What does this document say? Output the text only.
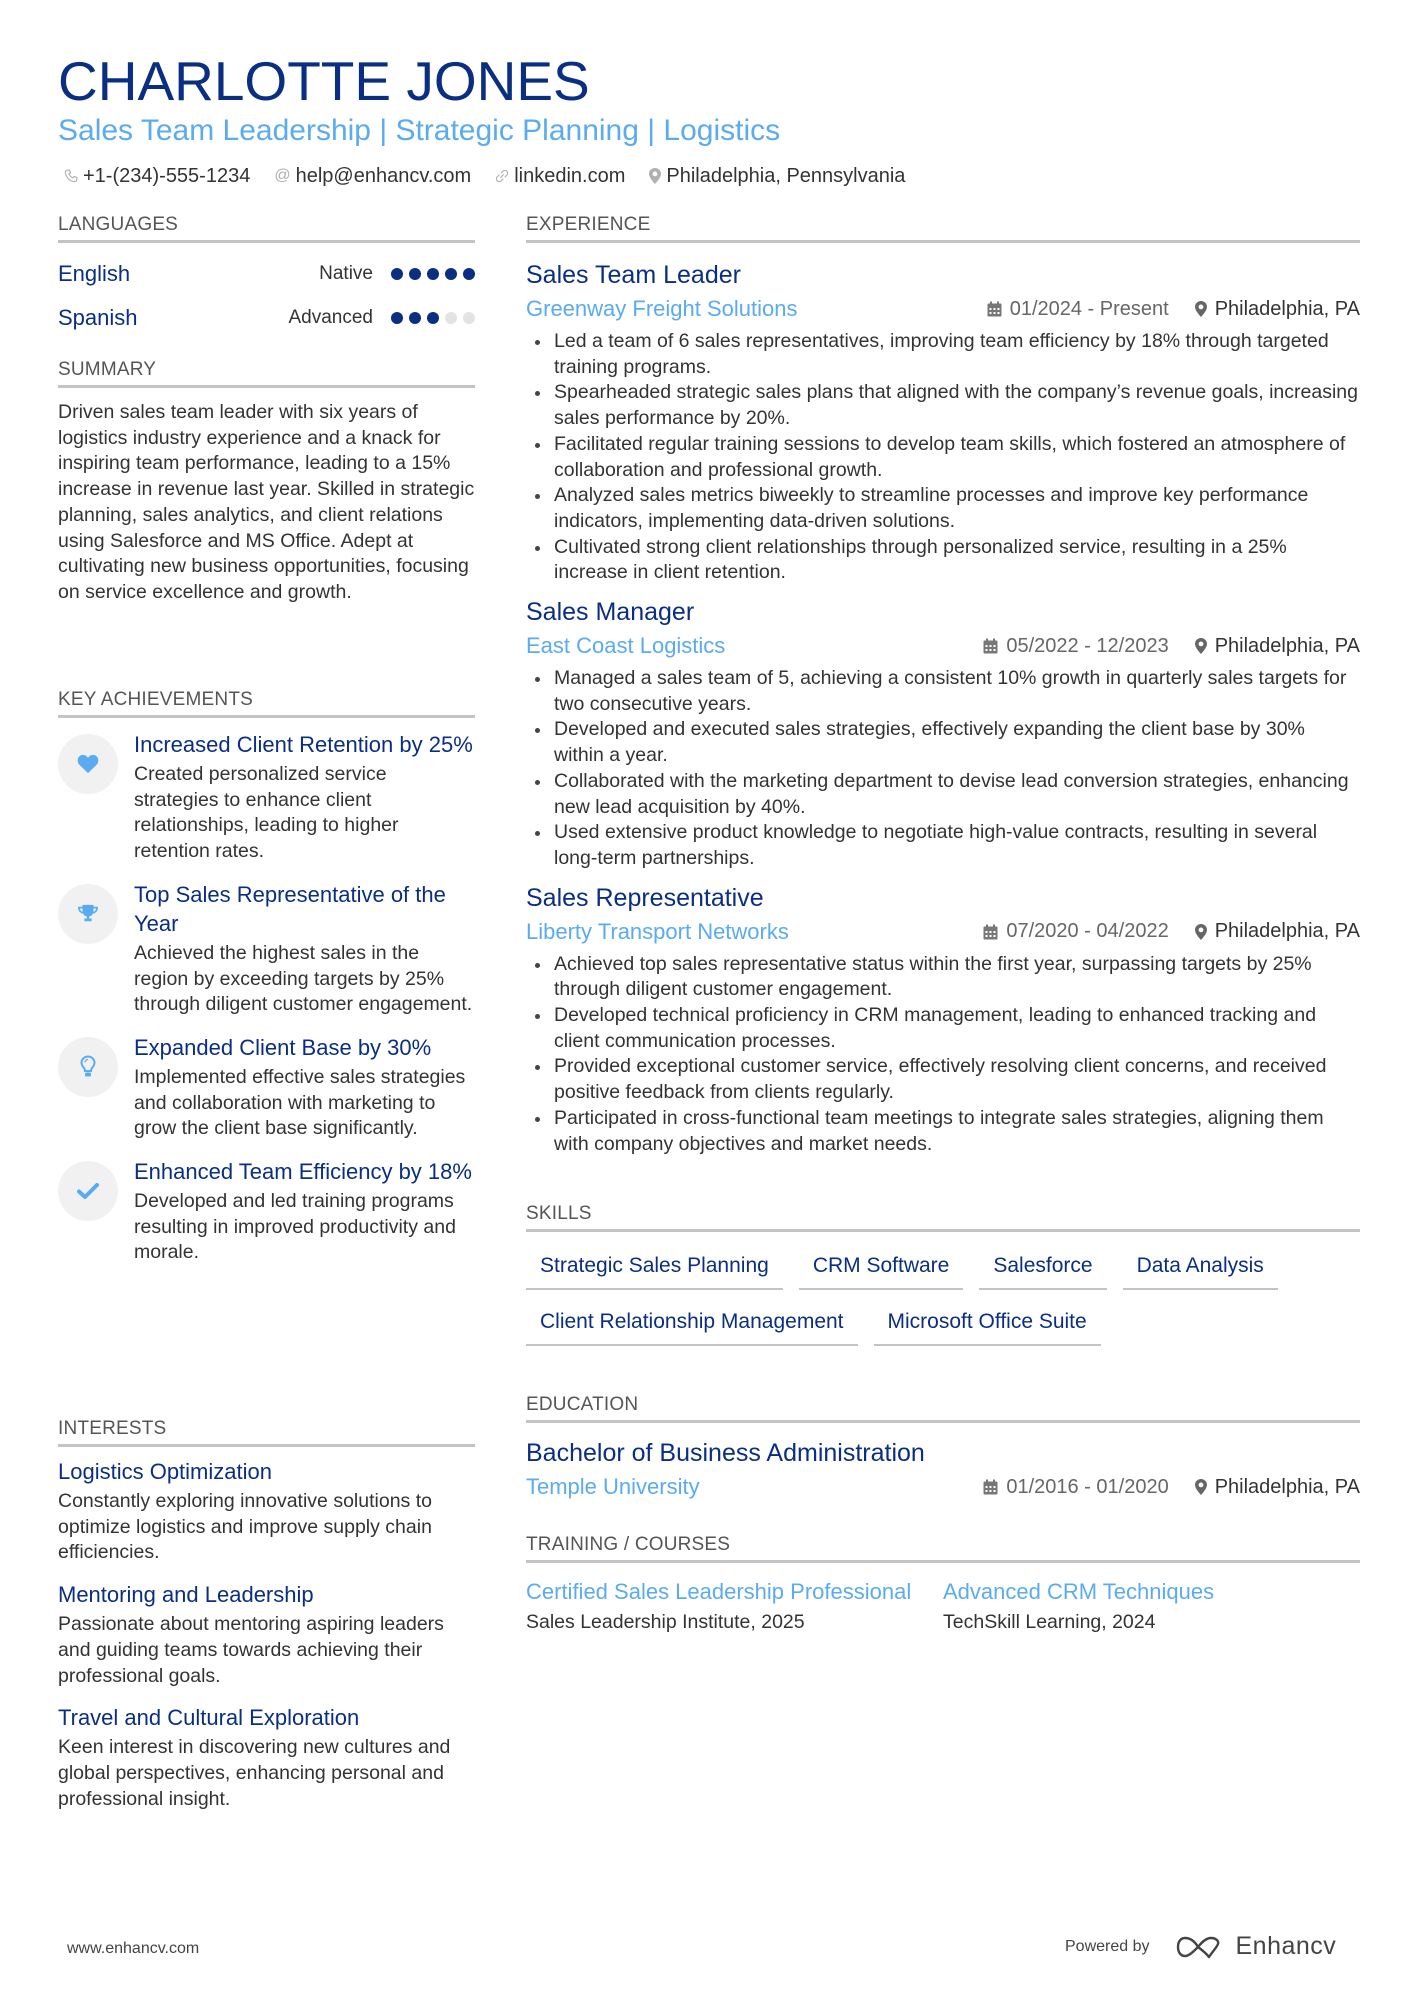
CHARLOTTE JONES
Sales Team Leadership | Strategic Planning | Logistics
+1-(234)-555-1234 @ help@enhancv.com linkedin.com Philadelphia, Pennsylvania
LANGUAGES
English	Native
Spanish	Advanced
SUMMARY
Driven sales team leader with six years of logistics industry experience and a knack for inspiring team performance, leading to a 15% increase in revenue last year. Skilled in strategic planning, sales analytics, and client relations using Salesforce and MS Office. Adept at cultivating new business opportunities, focusing on service excellence and growth.
KEY ACHIEVEMENTS
Increased Client Retention by 25%
Created personalized service strategies to enhance client relationships, leading to higher retention rates.
Top Sales Representative of the Year
Achieved the highest sales in the region by exceeding targets by 25% through diligent customer engagement.
Expanded Client Base by 30%
Implemented effective sales strategies and collaboration with marketing to grow the client base significantly.
Enhanced Team Efficiency by 18%
Developed and led training programs resulting in improved productivity and morale.
INTERESTS
Logistics Optimization
Constantly exploring innovative solutions to optimize logistics and improve supply chain efficiencies.
Mentoring and Leadership
Passionate about mentoring aspiring leaders and guiding teams towards achieving their professional goals.
Travel and Cultural Exploration
Keen interest in discovering new cultures and global perspectives, enhancing personal and professional insight.
EXPERIENCE
Sales Team Leader
Greenway Freight Solutions	01/2024 - Present Philadelphia, PA
Led a team of 6 sales representatives, improving team efficiency by 18% through targeted training programs.
Spearheaded strategic sales plans that aligned with the company’s revenue goals, increasing sales performance by 20%.
Facilitated regular training sessions to develop team skills, which fostered an atmosphere of collaboration and professional growth.
Analyzed sales metrics biweekly to streamline processes and improve key performance indicators, implementing data-driven solutions.
Cultivated strong client relationships through personalized service, resulting in a 25% increase in client retention.
Sales Manager
East Coast Logistics	05/2022 - 12/2023 Philadelphia, PA
Managed a sales team of 5, achieving a consistent 10% growth in quarterly sales targets for two consecutive years.
Developed and executed sales strategies, effectively expanding the client base by 30% within a year.
Collaborated with the marketing department to devise lead conversion strategies, enhancing new lead acquisition by 40%.
Used extensive product knowledge to negotiate high-value contracts, resulting in several long-term partnerships.
Sales Representative
Liberty Transport Networks	07/2020 - 04/2022 Philadelphia, PA
Achieved top sales representative status within the first year, surpassing targets by 25% through diligent customer engagement.
Developed technical proficiency in CRM management, leading to enhanced tracking and client communication processes.
Provided exceptional customer service, effectively resolving client concerns, and received positive feedback from clients regularly.
Participated in cross-functional team meetings to integrate sales strategies, aligning them with company objectives and market needs.
SKILLS
Strategic Sales Planning	CRM Software	Salesforce	Data Analysis
Client Relationship Management	Microsoft Office Suite
EDUCATION
Bachelor of Business Administration
Temple University	01/2016 - 01/2020 Philadelphia, PA
TRAINING / COURSES
Certified Sales Leadership Professional
Sales Leadership Institute, 2025
Advanced CRM Techniques
TechSkill Learning, 2024
www.enhancv.com	Powered by	Enhancv
